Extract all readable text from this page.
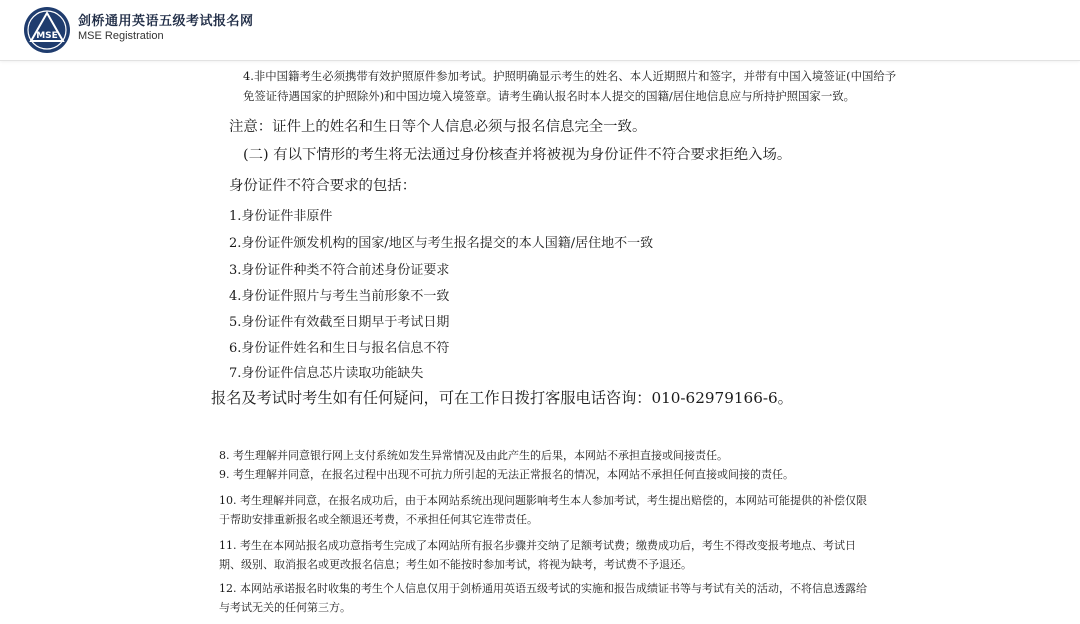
MSE
剑桥通用英语五级考试报名网
MSE Registration
4.非中国籍考生必须携带有效护照原件参加考试。护照明确显示考生的姓名、本人近期照片和签字，并带有中国入境签证(中国给予
免签证待遇国家的护照除外)和中国边境入境签章。请考生确认报名时本人提交的国籍/居住地信息应与所持护照国家一致。
注意：证件上的姓名和生日等个人信息必须与报名信息完全一致。
(二) 有以下情形的考生将无法通过身份核查并将被视为身份证件不符合要求拒绝入场。
身份证件不符合要求的包括：
1.身份证件非原件
2.身份证件颁发机构的国家/地区与考生报名提交的本人国籍/居住地不一致
3.身份证件种类不符合前述身份证要求
4.身份证件照片与考生当前形象不一致
5.身份证件有效截至日期早于考试日期
6.身份证件姓名和生日与报名信息不符
7.身份证件信息芯片读取功能缺失
报名及考试时考生如有任何疑问，可在工作日拨打客服电话咨询：010-62979166-6。
8. 考生理解并同意银行网上支付系统如发生异常情况及由此产生的后果，本网站不承担直接或间接责任。
9. 考生理解并同意，在报名过程中出现不可抗力所引起的无法正常报名的情况，本网站不承担任何直接或间接的责任。
10. 考生理解并同意，在报名成功后，由于本网站系统出现问题影响考生本人参加考试，考生提出赔偿的，本网站可能提供的补偿仅限
于帮助安排重新报名或全额退还考费，不承担任何其它连带责任。
11. 考生在本网站报名成功意指考生完成了本网站所有报名步骤并交纳了足额考试费；缴费成功后，考生不得改变报考地点、考试日
期、级别、取消报名或更改报名信息；考生如不能按时参加考试，将视为缺考，考试费不予退还。
12. 本网站承诺报名时收集的考生个人信息仅用于剑桥通用英语五级考试的实施和报告成绩证书等与考试有关的活动，不将信息透露给
与考试无关的任何第三方。
